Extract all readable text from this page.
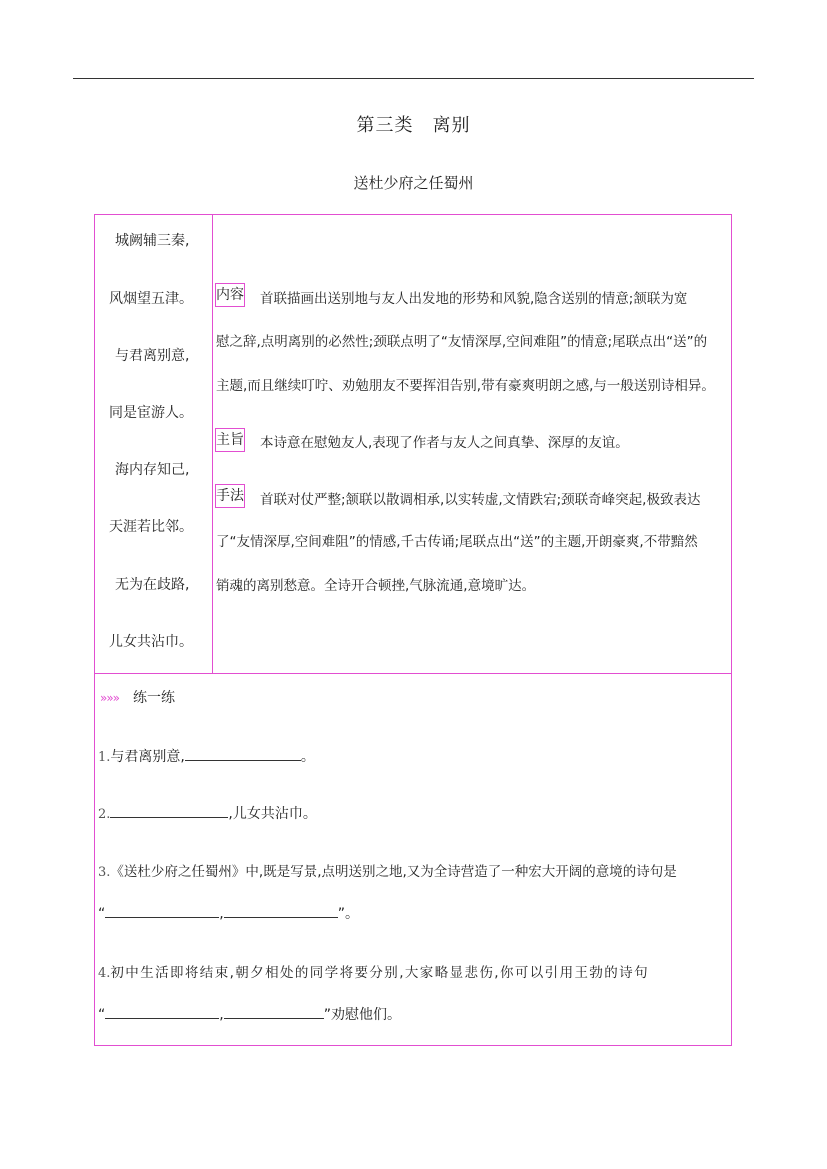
第三类　离别
送杜少府之任蜀州
城阙辅三秦,
风烟望五津。
与君离别意,
同是宦游人。
海内存知己,
天涯若比邻。
无为在歧路,
儿女共沾巾。
内容 首联描画出送别地与友人出发地的形势和风貌,隐含送别的情意;颔联为宽
慰之辞,点明离别的必然性;颈联点明了“友情深厚,空间难阻”的情意;尾联点出“送”的
主题,而且继续叮咛、劝勉朋友不要挥泪告别,带有豪爽明朗之感,与一般送别诗相异。
主旨 本诗意在慰勉友人,表现了作者与友人之间真挚、深厚的友谊。
手法 首联对仗严整;颔联以散调相承,以实转虚,文情跌宕;颈联奇峰突起,极致表达
了“友情深厚,空间难阻”的情感,千古传诵;尾联点出“送”的主题,开朗豪爽,不带黯然
销魂的离别愁意。全诗开合顿挫,气脉流通,意境旷达。
»»» 练一练
1.与君离别意,	。
2.	,儿女共沾巾。
3.《送杜少府之任蜀州》中,既是写景,点明送别之地,又为全诗营造了一种宏大开阔的意境的诗句是
“	,	”。
4.初中生活即将结束,朝夕相处的同学将要分别,大家略显悲伤,你可以引用王勃的诗句
“	,	”劝慰他们。
